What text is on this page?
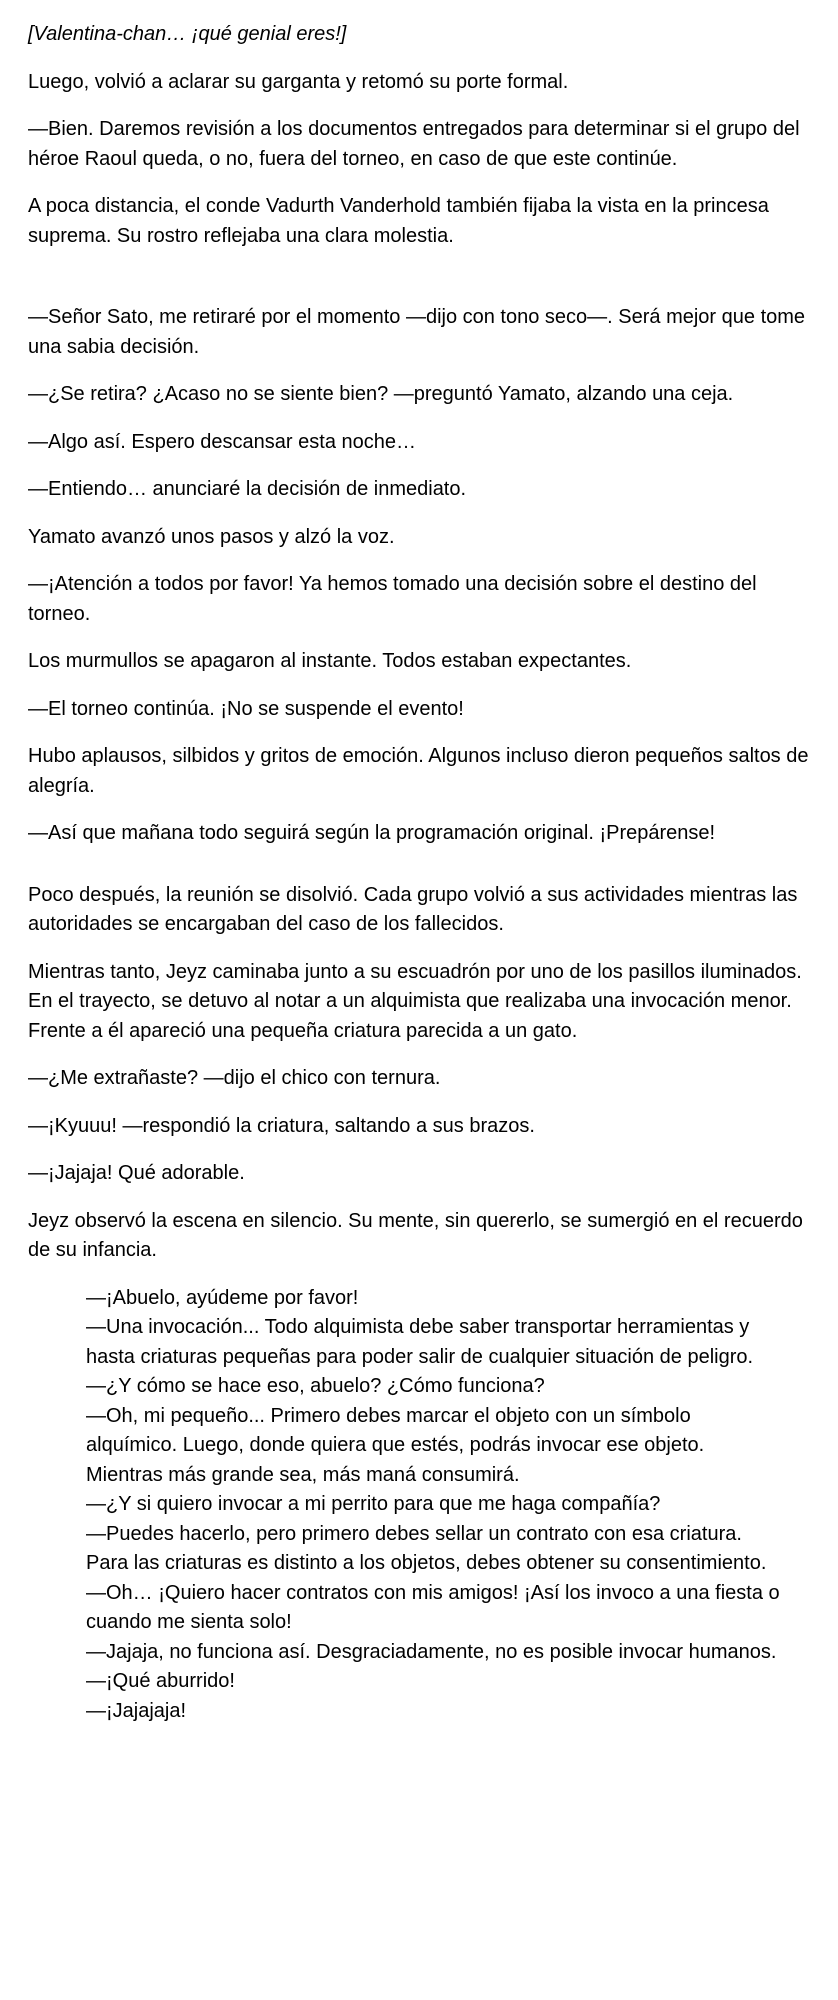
[Valentina-chan… ¡qué genial eres!]

Luego, volvió a aclarar su garganta y retomó su porte formal.

—Bien. Daremos revisión a los documentos entregados para determinar si el grupo del héroe Raoul queda, o no, fuera del torneo, en caso de que este continúe.

A poca distancia, el conde Vadurth Vanderhold también fijaba la vista en la princesa suprema. Su rostro reflejaba una clara molestia.

—Señor Sato, me retiraré por el momento —dijo con tono seco—. Será mejor que tome una sabia decisión.

—¿Se retira? ¿Acaso no se siente bien? —preguntó Yamato, alzando una ceja.

—Algo así. Espero descansar esta noche…

—Entiendo… anunciaré la decisión de inmediato.

Yamato avanzó unos pasos y alzó la voz.

—¡Atención a todos por favor! Ya hemos tomado una decisión sobre el destino del torneo.

Los murmullos se apagaron al instante. Todos estaban expectantes.

—El torneo continúa. ¡No se suspende el evento!

Hubo aplausos, silbidos y gritos de emoción. Algunos incluso dieron pequeños saltos de alegría.

—Así que mañana todo seguirá según la programación original. ¡Prepárense!

Poco después, la reunión se disolvió. Cada grupo volvió a sus actividades mientras las autoridades se encargaban del caso de los fallecidos.

Mientras tanto, Jeyz caminaba junto a su escuadrón por uno de los pasillos iluminados. En el trayecto, se detuvo al notar a un alquimista que realizaba una invocación menor. Frente a él apareció una pequeña criatura parecida a un gato.

—¿Me extrañaste? —dijo el chico con ternura.

—¡Kyuuu! —respondió la criatura, saltando a sus brazos.

—¡Jajaja! Qué adorable.

Jeyz observó la escena en silencio. Su mente, sin quererlo, se sumergió en el recuerdo de su infancia.

—¡Abuelo, ayúdeme por favor!

—Una invocación... Todo alquimista debe saber transportar herramientas y hasta criaturas pequeñas para poder salir de cualquier situación de peligro.

—¿Y cómo se hace eso, abuelo? ¿Cómo funciona?

—Oh, mi pequeño... Primero debes marcar el objeto con un símbolo alquímico. Luego, donde quiera que estés, podrás invocar ese objeto. Mientras más grande sea, más maná consumirá.

—¿Y si quiero invocar a mi perrito para que me haga compañía?

—Puedes hacerlo, pero primero debes sellar un contrato con esa criatura. Para las criaturas es distinto a los objetos, debes obtener su consentimiento.

—Oh… ¡Quiero hacer contratos con mis amigos! ¡Así los invoco a una fiesta o cuando me sienta solo!

—Jajaja, no funciona así. Desgraciadamente, no es posible invocar humanos.

—¡Qué aburrido!

—¡Jajajaja!
